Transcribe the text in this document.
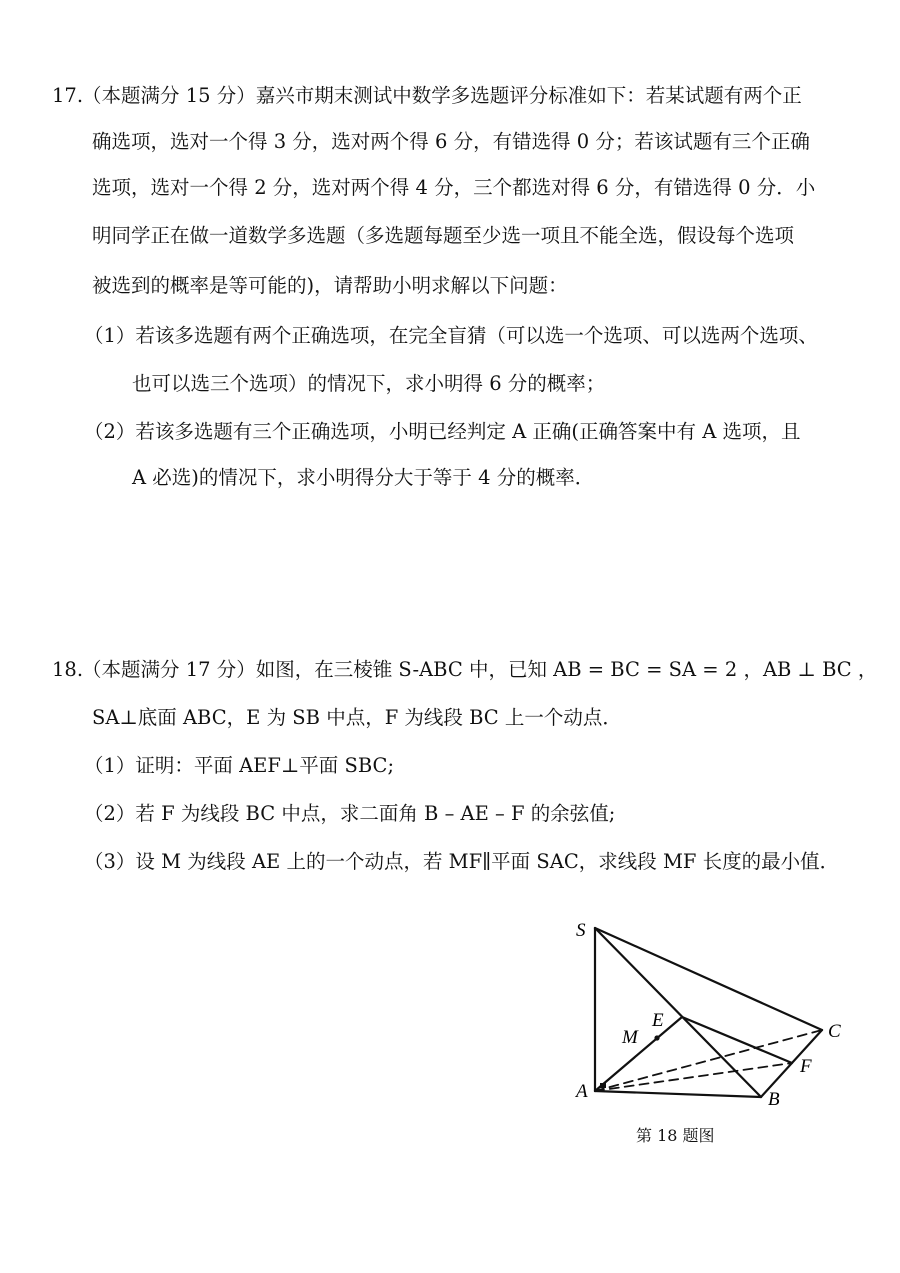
17.
（本题满分 15 分）嘉兴市期末测试中数学多选题评分标准如下：若某试题有两个正
确选项，选对一个得 3 分，选对两个得 6 分，有错选得 0 分；若该试题有三个正确
选项，选对一个得 2 分，选对两个得 4 分，三个都选对得 6 分，有错选得 0 分．小
明同学正在做一道数学多选题（多选题每题至少选一项且不能全选，假设每个选项
被选到的概率是等可能的)，请帮助小明求解以下问题：
（1）若该多选题有两个正确选项，在完全盲猜（可以选一个选项、可以选两个选项、
也可以选三个选项）的情况下，求小明得 6 分的概率；
（2）若该多选题有三个正确选项，小明已经判定 A 正确(正确答案中有 A 选项，且
A 必选)的情况下，求小明得分大于等于 4 分的概率．
18.
（本题满分 17 分）如图，在三棱锥 S-ABC 中，已知 AB = BC = SA = 2 ，AB ⊥ BC ，
SA⊥底面 ABC，E 为 SB 中点，F 为线段 BC 上一个动点．
（1）证明：平面 AEF⊥平面 SBC;
（2）若 F 为线段 BC 中点，求二面角 B – AE – F 的余弦值;
（3）设 M 为线段 AE 上的一个动点，若 MF∥平面 SAC，求线段 MF 长度的最小值．
S
A	B
C
E
F
M
第 18 题图
